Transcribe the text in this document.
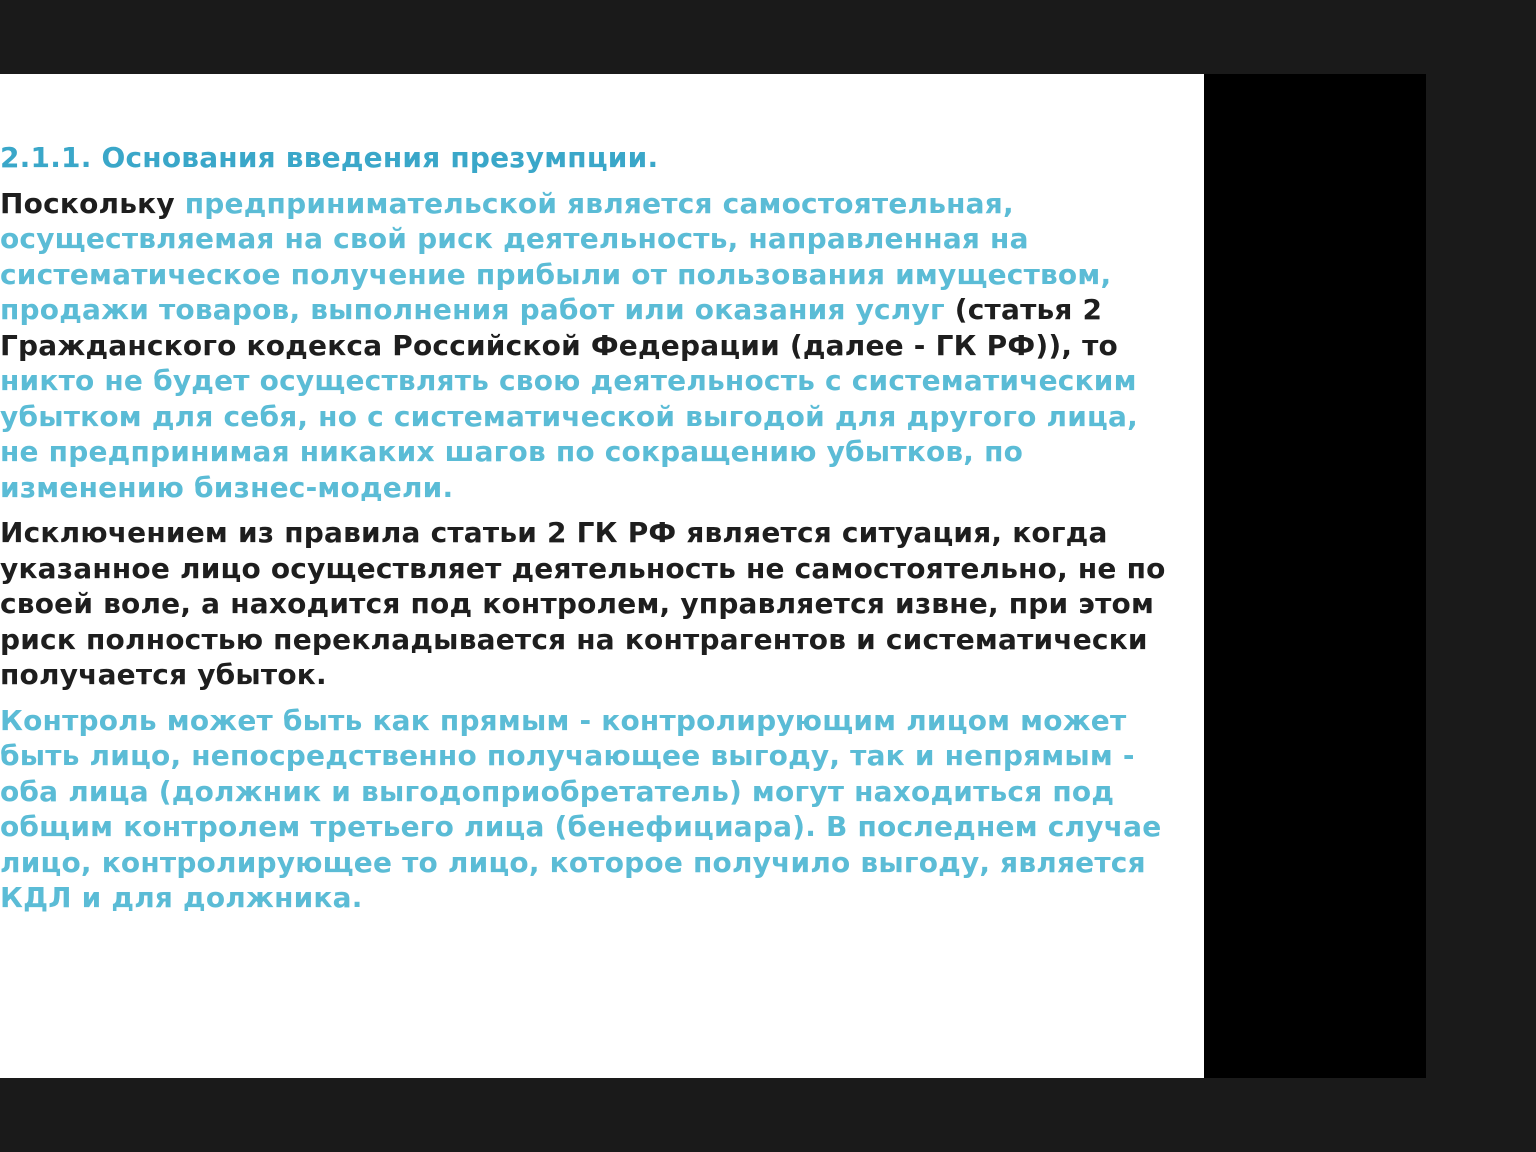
2.1.1. Основания введения презумпции.
Поскольку предпринимательской является самостоятельная, осуществляемая на свой риск деятельность, направленная на систематическое получение прибыли от пользования имуществом, продажи товаров, выполнения работ или оказания услуг (статья 2 Гражданского кодекса Российской Федерации (далее - ГК РФ)), то никто не будет осуществлять свою деятельность с систематическим убытком для себя, но с систематической выгодой для другого лица, не предпринимая никаких шагов по сокращению убытков, по изменению бизнес-модели.
Исключением из правила статьи 2 ГК РФ является ситуация, когда указанное лицо осуществляет деятельность не самостоятельно, не по своей воле, а находится под контролем, управляется извне, при этом риск полностью перекладывается на контрагентов и систематически получается убыток.
Контроль может быть как прямым - контролирующим лицом может быть лицо, непосредственно получающее выгоду, так и непрямым - оба лица (должник и выгодоприобретатель) могут находиться под общим контролем третьего лица (бенефициара). В последнем случае лицо, контролирующее то лицо, которое получило выгоду, является КДЛ и для должника.
